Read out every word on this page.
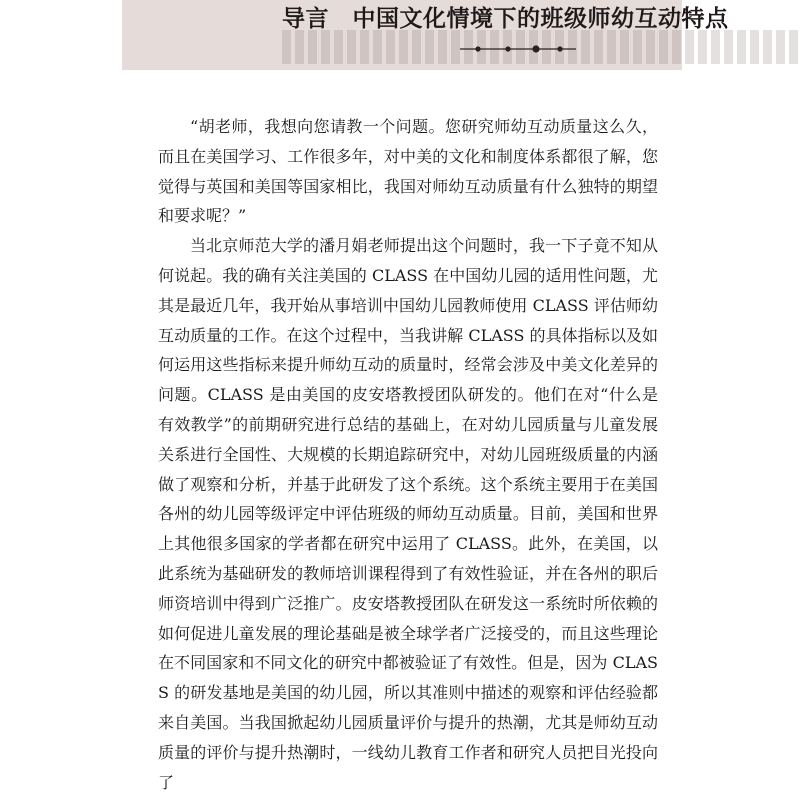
导言　中国文化情境下的班级师幼互动特点

“胡老师，我想向您请教一个问题。您研究师幼互动质量这么久，而且在美国学习、工作很多年，对中美的文化和制度体系都很了解，您觉得与英国和美国等国家相比，我国对师幼互动质量有什么独特的期望和要求呢？”

当北京师范大学的潘月娟老师提出这个问题时，我一下子竟不知从何说起。我的确有关注美国的 CLASS 在中国幼儿园的适用性问题，尤其是最近几年，我开始从事培训中国幼儿园教师使用 CLASS 评估师幼互动质量的工作。在这个过程中，当我讲解 CLASS 的具体指标以及如何运用这些指标来提升师幼互动的质量时，经常会涉及中美文化差异的问题。CLASS 是由美国的皮安塔教授团队研发的。他们在对“什么是有效教学”的前期研究进行总结的基础上，在对幼儿园质量与儿童发展关系进行全国性、大规模的长期追踪研究中，对幼儿园班级质量的内涵做了观察和分析，并基于此研发了这个系统。这个系统主要用于在美国各州的幼儿园等级评定中评估班级的师幼互动质量。目前，美国和世界上其他很多国家的学者都在研究中运用了 CLASS。此外，在美国，以此系统为基础研发的教师培训课程得到了有效性验证，并在各州的职后师资培训中得到广泛推广。皮安塔教授团队在研发这一系统时所依赖的如何促进儿童发展的理论基础是被全球学者广泛接受的，而且这些理论在不同国家和不同文化的研究中都被验证了有效性。但是，因为 CLASS 的研发基地是美国的幼儿园，所以其准则中描述的观察和评估经验都来自美国。当我国掀起幼儿园质量评价与提升的热潮，尤其是师幼互动质量的评价与提升热潮时，一线幼儿教育工作者和研究人员把目光投向了
